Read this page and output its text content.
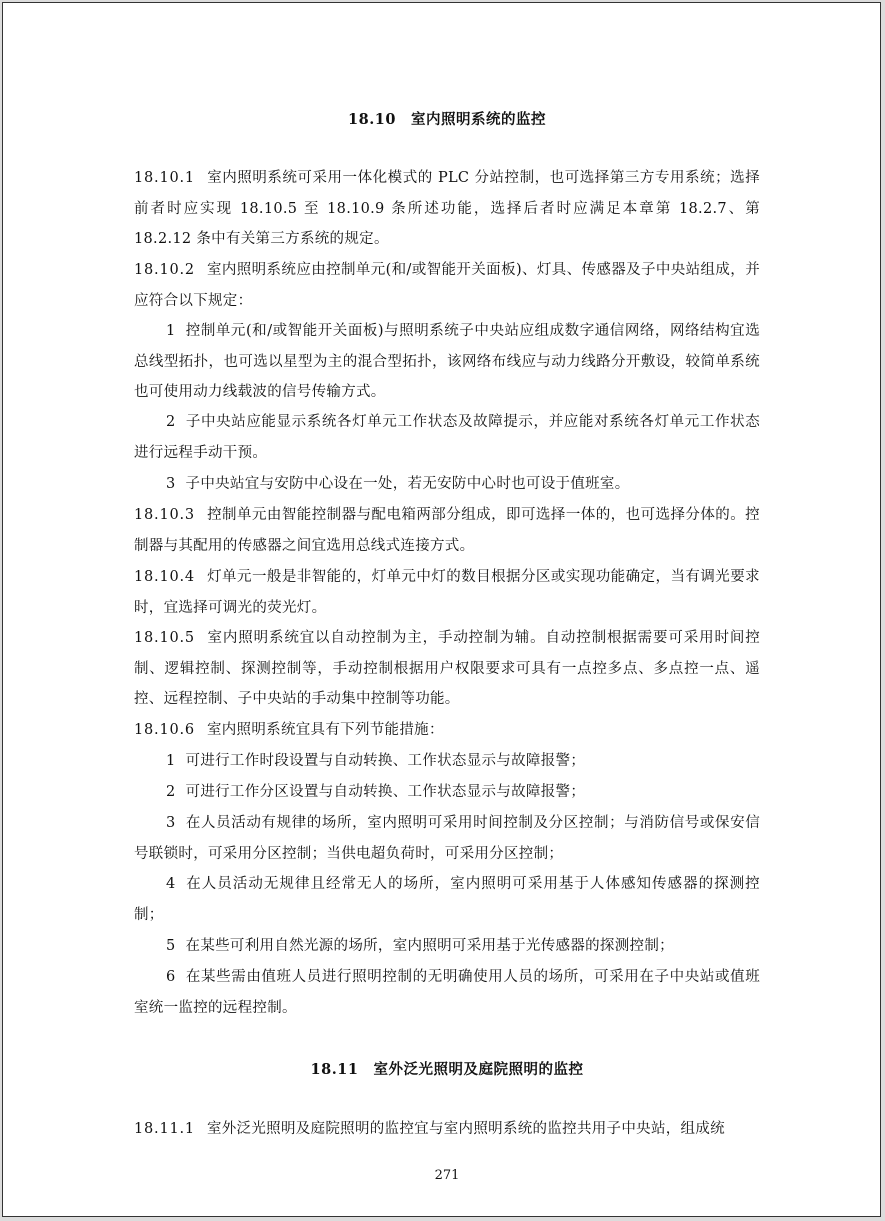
18.10　室内照明系统的监控

18.10.1 室内照明系统可采用一体化模式的 PLC 分站控制，也可选择第三方专用系统；选择前者时应实现 18.10.5 至 18.10.9 条所述功能，选择后者时应满足本章第 18.2.7、第 18.2.12 条中有关第三方系统的规定。

18.10.2 室内照明系统应由控制单元(和/或智能开关面板)、灯具、传感器及子中央站组成，并应符合以下规定：

1 控制单元(和/或智能开关面板)与照明系统子中央站应组成数字通信网络，网络结构宜选总线型拓扑，也可选以星型为主的混合型拓扑，该网络布线应与动力线路分开敷设，较简单系统也可使用动力线载波的信号传输方式。

2 子中央站应能显示系统各灯单元工作状态及故障提示，并应能对系统各灯单元工作状态进行远程手动干预。

3 子中央站宜与安防中心设在一处，若无安防中心时也可设于值班室。

18.10.3 控制单元由智能控制器与配电箱两部分组成，即可选择一体的，也可选择分体的。控制器与其配用的传感器之间宜选用总线式连接方式。

18.10.4 灯单元一般是非智能的，灯单元中灯的数目根据分区或实现功能确定，当有调光要求时，宜选择可调光的荧光灯。

18.10.5 室内照明系统宜以自动控制为主，手动控制为辅。自动控制根据需要可采用时间控制、逻辑控制、探测控制等，手动控制根据用户权限要求可具有一点控多点、多点控一点、遥控、远程控制、子中央站的手动集中控制等功能。

18.10.6 室内照明系统宜具有下列节能措施：

1 可进行工作时段设置与自动转换、工作状态显示与故障报警；

2 可进行工作分区设置与自动转换、工作状态显示与故障报警；

3 在人员活动有规律的场所，室内照明可采用时间控制及分区控制；与消防信号或保安信号联锁时，可采用分区控制；当供电超负荷时，可采用分区控制；

4 在人员活动无规律且经常无人的场所，室内照明可采用基于人体感知传感器的探测控制；

5 在某些可利用自然光源的场所，室内照明可采用基于光传感器的探测控制；

6 在某些需由值班人员进行照明控制的无明确使用人员的场所，可采用在子中央站或值班室统一监控的远程控制。

18.11　室外泛光照明及庭院照明的监控

18.11.1 室外泛光照明及庭院照明的监控宜与室内照明系统的监控共用子中央站，组成统

271
